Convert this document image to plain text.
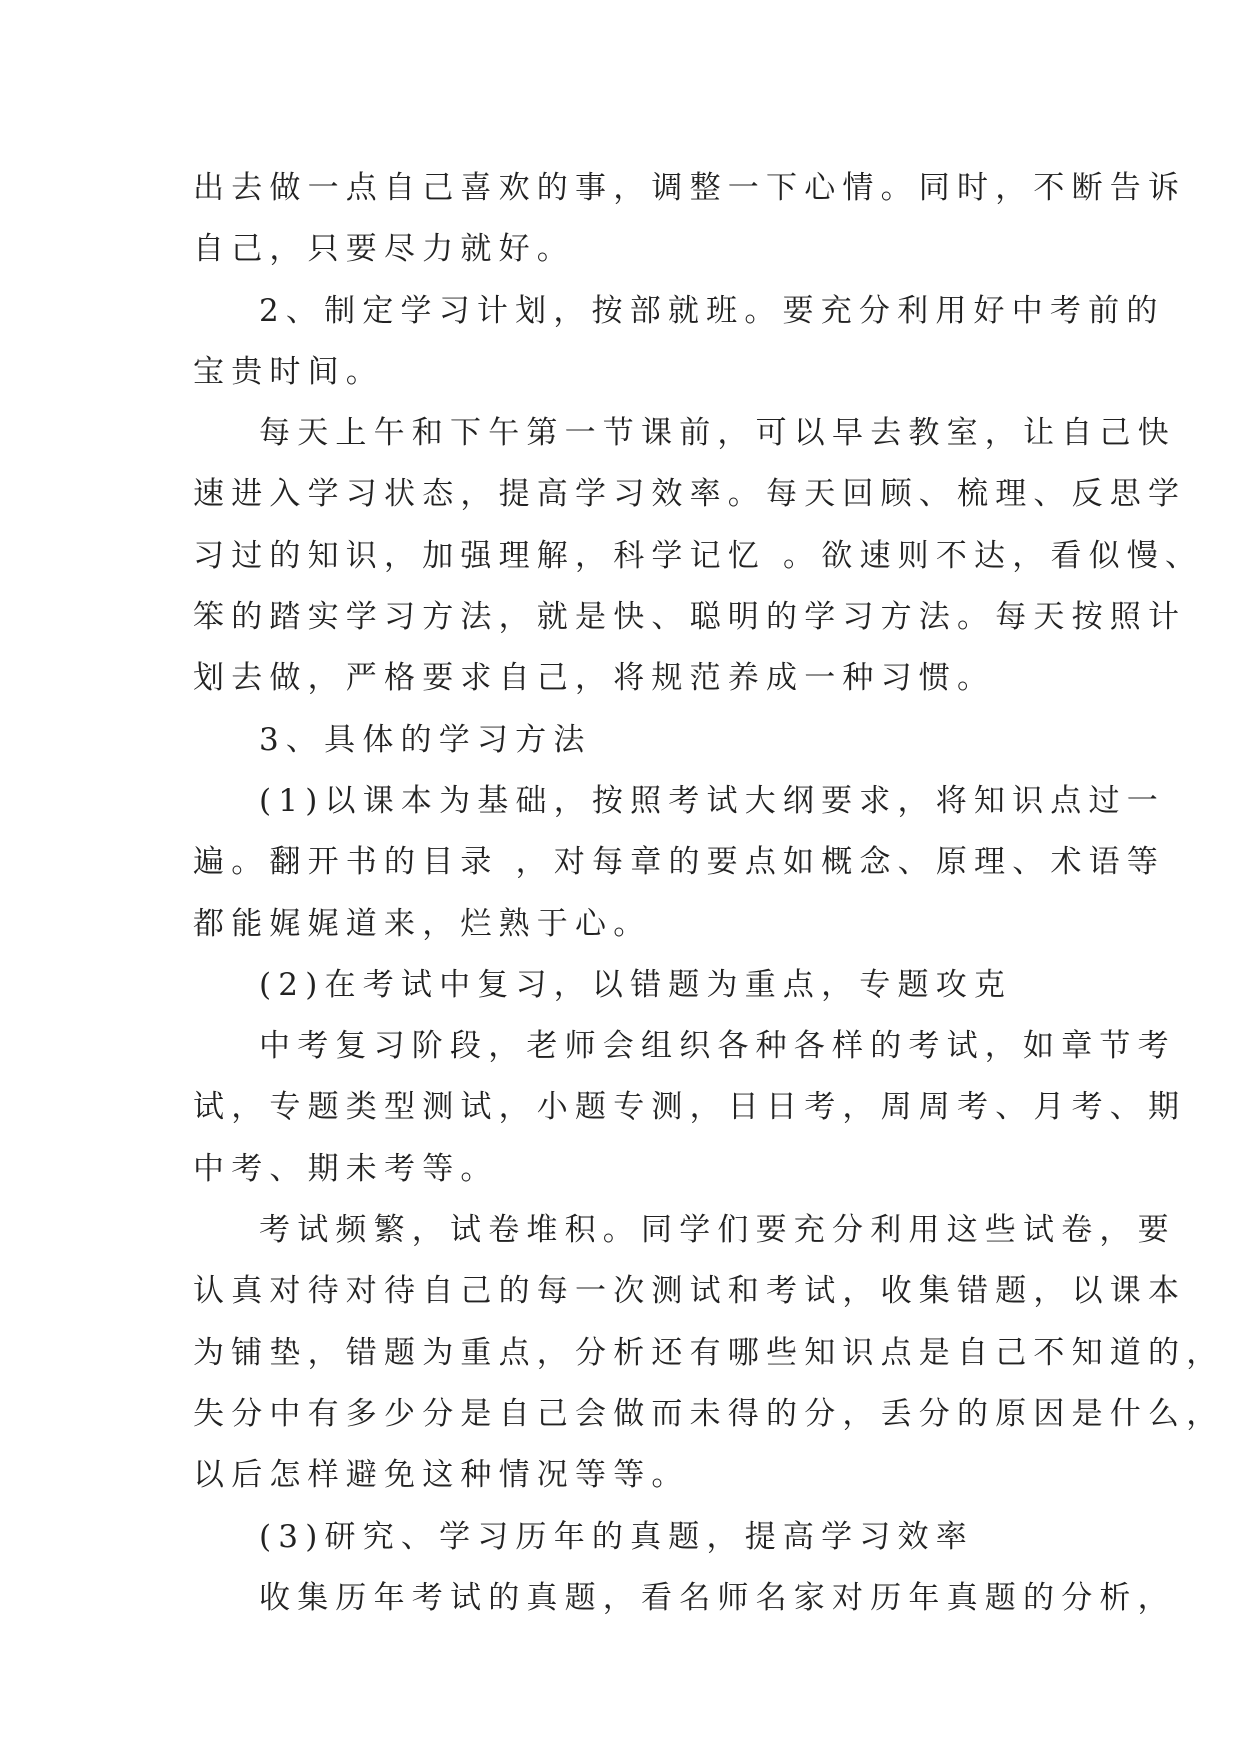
出去做一点自己喜欢的事，调整一下心情。同时，不断告诉
自己，只要尽力就好。
2、制定学习计划，按部就班。要充分利用好中考前的
宝贵时间。
每天上午和下午第一节课前，可以早去教室，让自己快
速进入学习状态，提高学习效率。每天回顾、梳理、反思学
习过的知识，加强理解，科学记忆 。欲速则不达，看似慢、
笨的踏实学习方法，就是快、聪明的学习方法。每天按照计
划去做，严格要求自己，将规范养成一种习惯。
3、具体的学习方法
(1)以课本为基础，按照考试大纲要求，将知识点过一
遍。翻开书的目录 ，对每章的要点如概念、原理、术语等
都能娓娓道来，烂熟于心。
(2)在考试中复习，以错题为重点，专题攻克
中考复习阶段，老师会组织各种各样的考试，如章节考
试，专题类型测试，小题专测，日日考，周周考、月考、期
中考、期未考等。
考试频繁，试卷堆积。同学们要充分利用这些试卷，要
认真对待对待自己的每一次测试和考试，收集错题，以课本
为铺垫，错题为重点，分析还有哪些知识点是自己不知道的，
失分中有多少分是自己会做而未得的分，丢分的原因是什么，
以后怎样避免这种情况等等。
(3)研究、学习历年的真题，提高学习效率
收集历年考试的真题，看名师名家对历年真题的分析，
